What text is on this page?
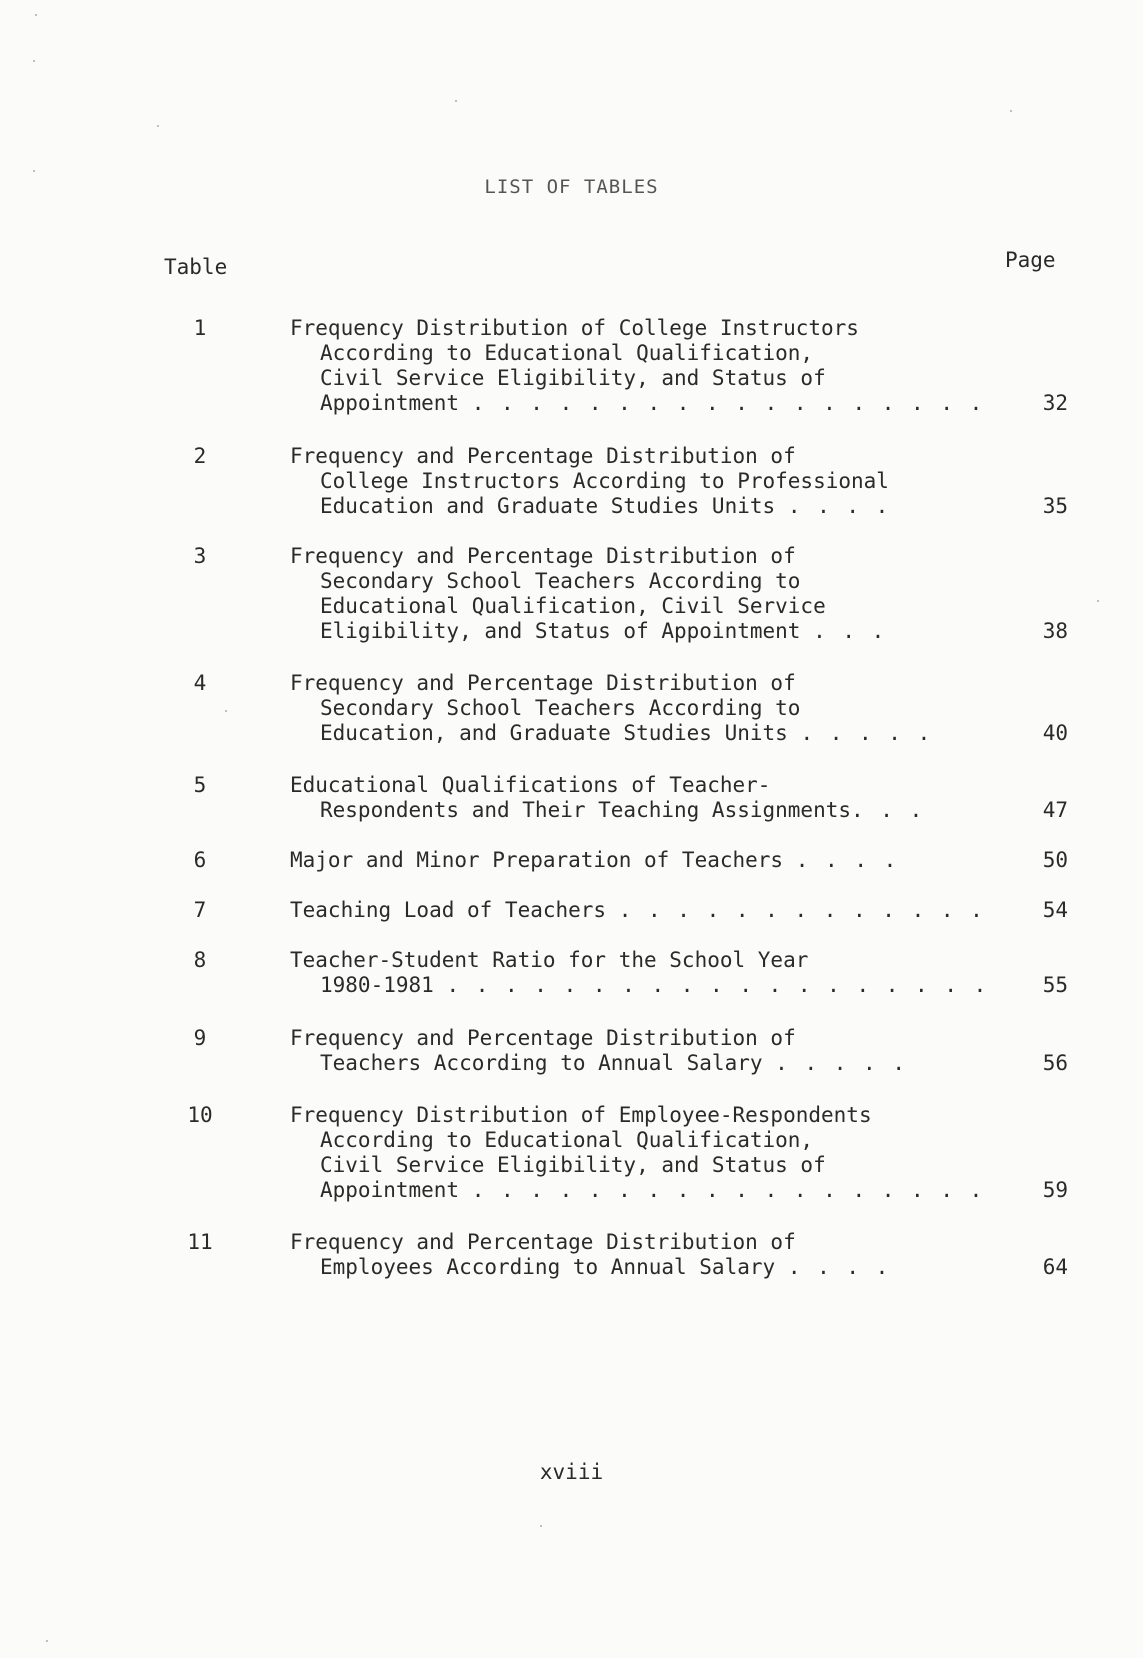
LIST OF TABLES
Table	Page
1	Frequency Distribution of College Instructors
According to Educational Qualification,
Civil Service Eligibility, and Status of
Appointment . . . . . . . . . . . . . . . . . .	32
2	Frequency and Percentage Distribution of
College Instructors According to Professional
Education and Graduate Studies Units . . . .	35
3	Frequency and Percentage Distribution of
Secondary School Teachers According to
Educational Qualification, Civil Service
Eligibility, and Status of Appointment . . .	38
4	Frequency and Percentage Distribution of
Secondary School Teachers According to
Education, and Graduate Studies Units . . . . .	40
5	Educational Qualifications of Teacher-
Respondents and Their Teaching Assignments. . .	47
6	Major and Minor Preparation of Teachers . . . .	50
7	Teaching Load of Teachers . . . . . . . . . . . . .	54
8	Teacher-Student Ratio for the School Year
1980-1981 . . . . . . . . . . . . . . . . . . .	55
9	Frequency and Percentage Distribution of
Teachers According to Annual Salary . . . . .	56
10	Frequency Distribution of Employee-Respondents
According to Educational Qualification,
Civil Service Eligibility, and Status of
Appointment . . . . . . . . . . . . . . . . . .	59
11	Frequency and Percentage Distribution of
Employees According to Annual Salary . . . .	64
xviii
